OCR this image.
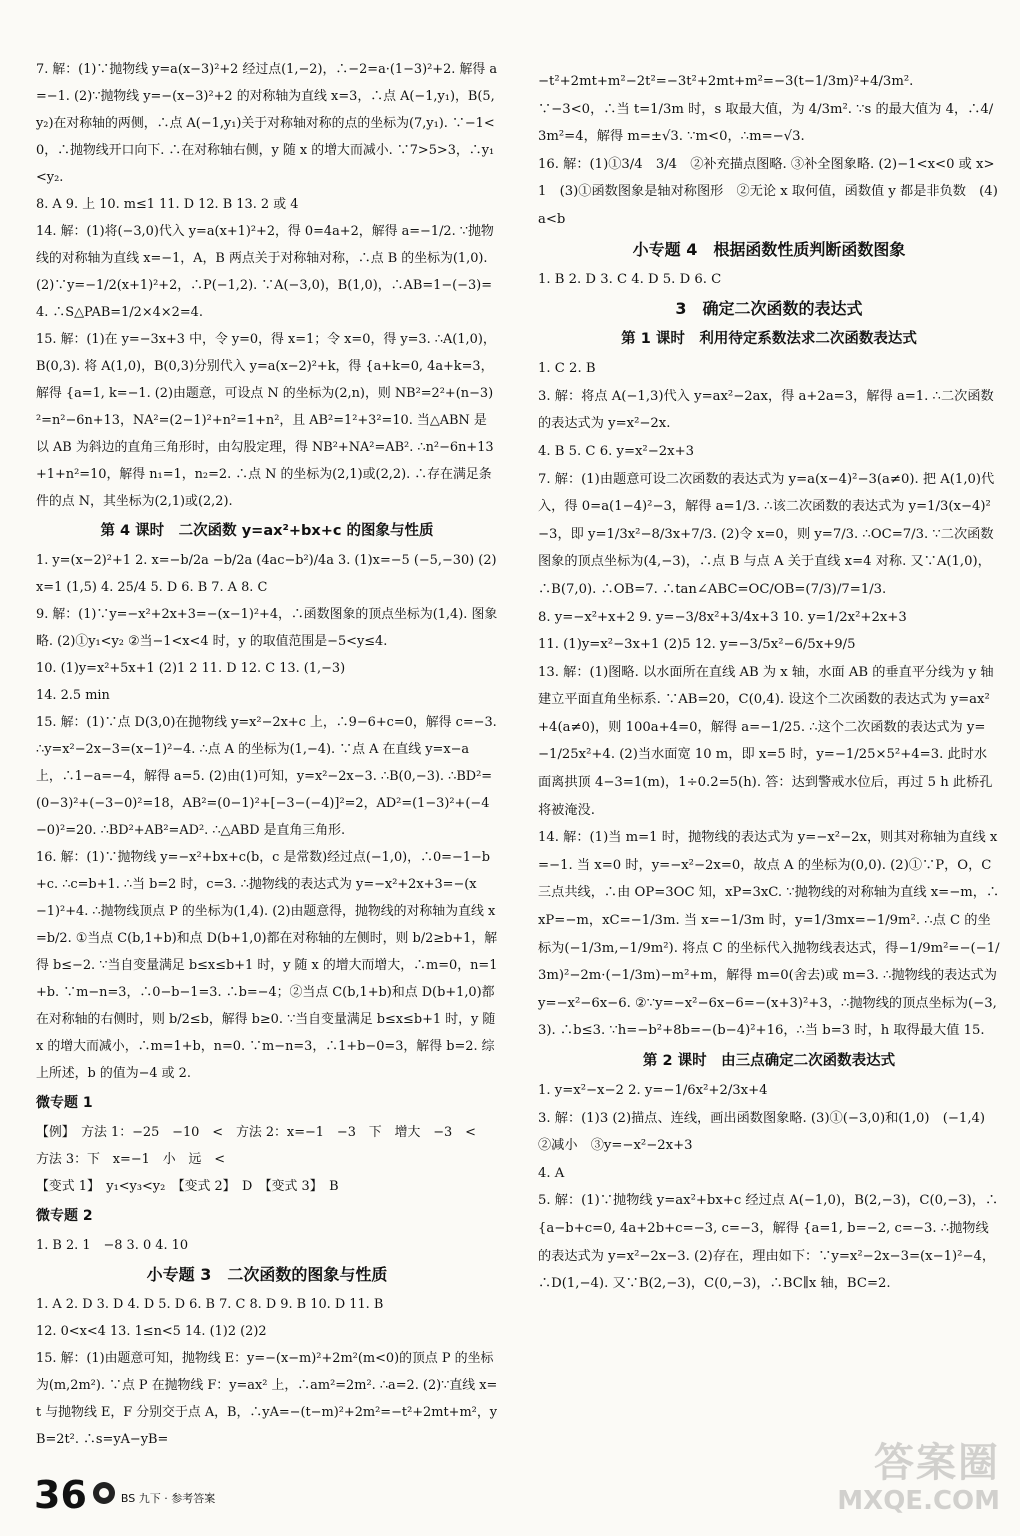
7. 解：(1)∵抛物线 y=a(x−3)²+2 经过点(1,−2)，∴−2=a·(1−3)²+2. 解得 a=−1. (2)∵抛物线 y=−(x−3)²+2 的对称轴为直线 x=3，∴点 A(−1,y₁)，B(5,y₂)在对称轴的两侧，∴点 A(−1,y₁)关于对称轴对称的点的坐标为(7,y₁). ∵−1<0，∴抛物线开口向下. ∴在对称轴右侧，y 随 x 的增大而减小. ∵7>5>3，∴y₁<y₂.

8. A 9. 上 10. m≤1 11. D 12. B 13. 2 或 4

14. 解：(1)将(−3,0)代入 y=a(x+1)²+2，得 0=4a+2，解得 a=−1/2. ∵抛物线的对称轴为直线 x=−1，A，B 两点关于对称轴对称，∴点 B 的坐标为(1,0). (2)∵y=−1/2(x+1)²+2，∴P(−1,2). ∵A(−3,0)，B(1,0)，∴AB=1−(−3)=4. ∴S△PAB=1/2×4×2=4.

15. 解：(1)在 y=−3x+3 中，令 y=0，得 x=1；令 x=0，得 y=3. ∴A(1,0)，B(0,3). 将 A(1,0)，B(0,3)分别代入 y=a(x−2)²+k，得 {a+k=0, 4a+k=3，解得 {a=1, k=−1. (2)由题意，可设点 N 的坐标为(2,n)，则 NB²=2²+(n−3)²=n²−6n+13，NA²=(2−1)²+n²=1+n²，且 AB²=1²+3²=10. 当△ABN 是以 AB 为斜边的直角三角形时，由勾股定理，得 NB²+NA²=AB². ∴n²−6n+13+1+n²=10，解得 n₁=1，n₂=2. ∴点 N 的坐标为(2,1)或(2,2). ∴存在满足条件的点 N，其坐标为(2,1)或(2,2).

第 4 课时　二次函数 y=ax²+bx+c 的图象与性质

1. y=(x−2)²+1 2. x=−b/2a −b/2a (4ac−b²)/4a 3. (1)x=−5 (−5,−30) (2)x=1 (1,5) 4. 25/4 5. D 6. B 7. A 8. C

9. 解：(1)∵y=−x²+2x+3=−(x−1)²+4，∴函数图象的顶点坐标为(1,4). 图象略. (2)①y₁<y₂ ②当−1<x<4 时，y 的取值范围是−5<y≤4.

10. (1)y=x²+5x+1 (2)1 2 11. D 12. C 13. (1,−3)

14. 2.5 min

15. 解：(1)∵点 D(3,0)在抛物线 y=x²−2x+c 上，∴9−6+c=0，解得 c=−3. ∴y=x²−2x−3=(x−1)²−4. ∴点 A 的坐标为(1,−4). ∵点 A 在直线 y=x−a 上，∴1−a=−4，解得 a=5. (2)由(1)可知，y=x²−2x−3. ∴B(0,−3). ∴BD²=(0−3)²+(−3−0)²=18，AB²=(0−1)²+[−3−(−4)]²=2，AD²=(1−3)²+(−4−0)²=20. ∴BD²+AB²=AD². ∴△ABD 是直角三角形.

16. 解：(1)∵抛物线 y=−x²+bx+c(b，c 是常数)经过点(−1,0)，∴0=−1−b+c. ∴c=b+1. ∴当 b=2 时，c=3. ∴抛物线的表达式为 y=−x²+2x+3=−(x−1)²+4. ∴抛物线顶点 P 的坐标为(1,4). (2)由题意得，抛物线的对称轴为直线 x=b/2. ①当点 C(b,1+b)和点 D(b+1,0)都在对称轴的左侧时，则 b/2≥b+1，解得 b≤−2. ∵当自变量满足 b≤x≤b+1 时，y 随 x 的增大而增大，∴m=0，n=1+b. ∵m−n=3，∴0−b−1=3. ∴b=−4；②当点 C(b,1+b)和点 D(b+1,0)都在对称轴的右侧时，则 b/2≤b，解得 b≥0. ∵当自变量满足 b≤x≤b+1 时，y 随 x 的增大而减小，∴m=1+b，n=0. ∵m−n=3，∴1+b−0=3，解得 b=2. 综上所述，b 的值为−4 或 2.

微专题 1

【例】　方法 1：−25　−10　<　方法 2：x=−1　−3　下　增大　−3　<　方法 3：下　x=−1　小　远　<

【变式 1】　y₁<y₃<y₂　【变式 2】　D　【变式 3】　B

微专题 2

1. B 2. 1　−8 3. 0 4. 10

小专题 3　二次函数的图象与性质

1. A 2. D 3. D 4. D 5. D 6. B 7. C 8. D 9. B 10. D 11. B

12. 0<x<4 13. 1≤n<5 14. (1)2 (2)2

15. 解：(1)由题意可知，抛物线 E：y=−(x−m)²+2m²(m<0)的顶点 P 的坐标为(m,2m²). ∵点 P 在抛物线 F：y=ax² 上，∴am²=2m². ∴a=2. (2)∵直线 x=t 与抛物线 E，F 分别交于点 A，B，∴yA=−(t−m)²+2m²=−t²+2mt+m²，yB=2t². ∴s=yA−yB=

−t²+2mt+m²−2t²=−3t²+2mt+m²=−3(t−1/3m)²+4/3m².

∵−3<0，∴当 t=1/3m 时，s 取最大值，为 4/3m². ∵s 的最大值为 4，∴4/3m²=4，解得 m=±√3. ∵m<0，∴m=−√3.

16. 解：(1)①3/4　3/4　②补充描点图略. ③补全图象略. (2)−1<x<0 或 x>1　(3)①函数图象是轴对称图形　②无论 x 取何值，函数值 y 都是非负数　(4)a<b

小专题 4　根据函数性质判断函数图象

1. B 2. D 3. C 4. D 5. D 6. C

3　确定二次函数的表达式
第 1 课时　利用待定系数法求二次函数表达式

1. C 2. B

3. 解：将点 A(−1,3)代入 y=ax²−2ax，得 a+2a=3，解得 a=1. ∴二次函数的表达式为 y=x²−2x.

4. B 5. C 6. y=x²−2x+3

7. 解：(1)由题意可设二次函数的表达式为 y=a(x−4)²−3(a≠0). 把 A(1,0)代入，得 0=a(1−4)²−3，解得 a=1/3. ∴该二次函数的表达式为 y=1/3(x−4)²−3，即 y=1/3x²−8/3x+7/3. (2)令 x=0，则 y=7/3. ∴OC=7/3. ∵二次函数图象的顶点坐标为(4,−3)，∴点 B 与点 A 关于直线 x=4 对称. 又∵A(1,0)，∴B(7,0). ∴OB=7. ∴tan∠ABC=OC/OB=(7/3)/7=1/3.

8. y=−x²+x+2 9. y=−3/8x²+3/4x+3 10. y=1/2x²+2x+3

11. (1)y=x²−3x+1 (2)5 12. y=−3/5x²−6/5x+9/5

13. 解：(1)图略. 以水面所在直线 AB 为 x 轴，水面 AB 的垂直平分线为 y 轴建立平面直角坐标系. ∵AB=20，C(0,4). 设这个二次函数的表达式为 y=ax²+4(a≠0)，则 100a+4=0，解得 a=−1/25. ∴这个二次函数的表达式为 y=−1/25x²+4. (2)当水面宽 10 m，即 x=5 时，y=−1/25×5²+4=3. 此时水面离拱顶 4−3=1(m)，1÷0.2=5(h). 答：达到警戒水位后，再过 5 h 此桥孔将被淹没.

14. 解：(1)当 m=1 时，抛物线的表达式为 y=−x²−2x，则其对称轴为直线 x=−1. 当 x=0 时，y=−x²−2x=0，故点 A 的坐标为(0,0). (2)①∵P，O，C 三点共线，∴由 OP=3OC 知，xP=3xC. ∵抛物线的对称轴为直线 x=−m，∴xP=−m，xC=−1/3m. 当 x=−1/3m 时，y=1/3mx=−1/9m². ∴点 C 的坐标为(−1/3m,−1/9m²). 将点 C 的坐标代入抛物线表达式，得−1/9m²=−(−1/3m)²−2m·(−1/3m)−m²+m，解得 m=0(舍去)或 m=3. ∴抛物线的表达式为 y=−x²−6x−6. ②∵y=−x²−6x−6=−(x+3)²+3，∴抛物线的顶点坐标为(−3,3). ∴b≤3. ∵h=−b²+8b=−(b−4)²+16，∴当 b=3 时，h 取得最大值 15.

第 2 课时　由三点确定二次函数表达式

1. y=x²−x−2 2. y=−1/6x²+2/3x+4

3. 解：(1)3 (2)描点、连线，画出函数图象略. (3)①(−3,0)和(1,0)　(−1,4)　②减小　③y=−x²−2x+3

4. A

5. 解：(1)∵抛物线 y=ax²+bx+c 经过点 A(−1,0)，B(2,−3)，C(0,−3)，∴{a−b+c=0, 4a+2b+c=−3, c=−3，解得 {a=1, b=−2, c=−3. ∴抛物线的表达式为 y=x²−2x−3. (2)存在，理由如下：∵y=x²−2x−3=(x−1)²−4，∴D(1,−4). 又∵B(2,−3)，C(0,−3)，∴BC∥x 轴，BC=2.

36	BS 九下 · 参考答案
答案圈
MXQE.COM
